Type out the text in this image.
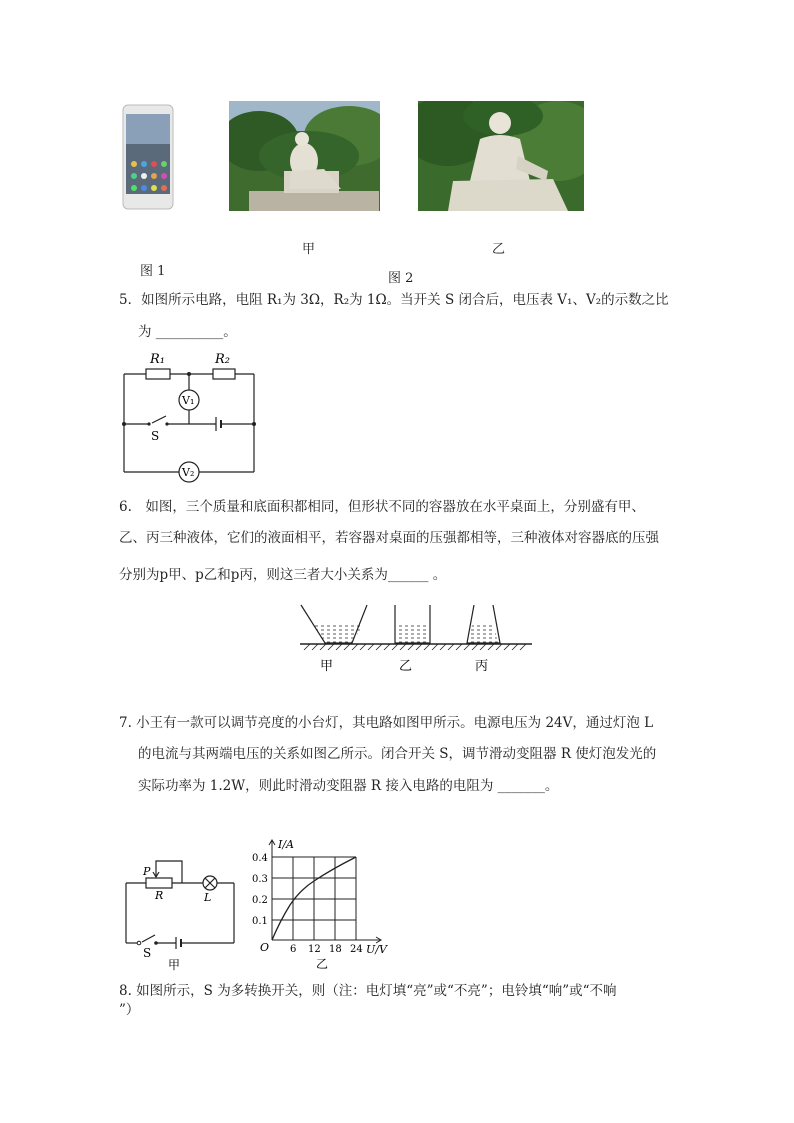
图 1
甲	乙
图 2
5．如图所示电路，电阻 R₁为 3Ω，R₂为 1Ω。当开关 S 闭合后，电压表 V₁、V₂的示数之比
为 __________。
R₁	R₂
V₁
V₂
S
6.　如图，三个质量和底面积都相同，但形状不同的容器放在水平桌面上，分别盛有甲、
乙、丙三种液体，它们的液面相平，若容器对桌面的压强都相等，三种液体对容器底的压强
分别为p甲、p乙和p丙，则这三者大小关系为______ 。
甲	乙	丙
7. 小王有一款可以调节亮度的小台灯，其电路如图甲所示。电源电压为 24V，通过灯泡 L
的电流与其两端电压的关系如图乙所示。闭合开关 S，调节滑动变阻器 R 使灯泡发光的
实际功率为 1.2W，则此时滑动变阻器 R 接入电路的电阻为 _______。
P
R	L
S
甲
I/A
0.4
0.3
0.2
0.1
O 6 12 18 24 U/V
乙
8. 如图所示，S 为多转换开关，则（注：电灯填“亮”或“不亮”；电铃填“响”或“不响
”）
